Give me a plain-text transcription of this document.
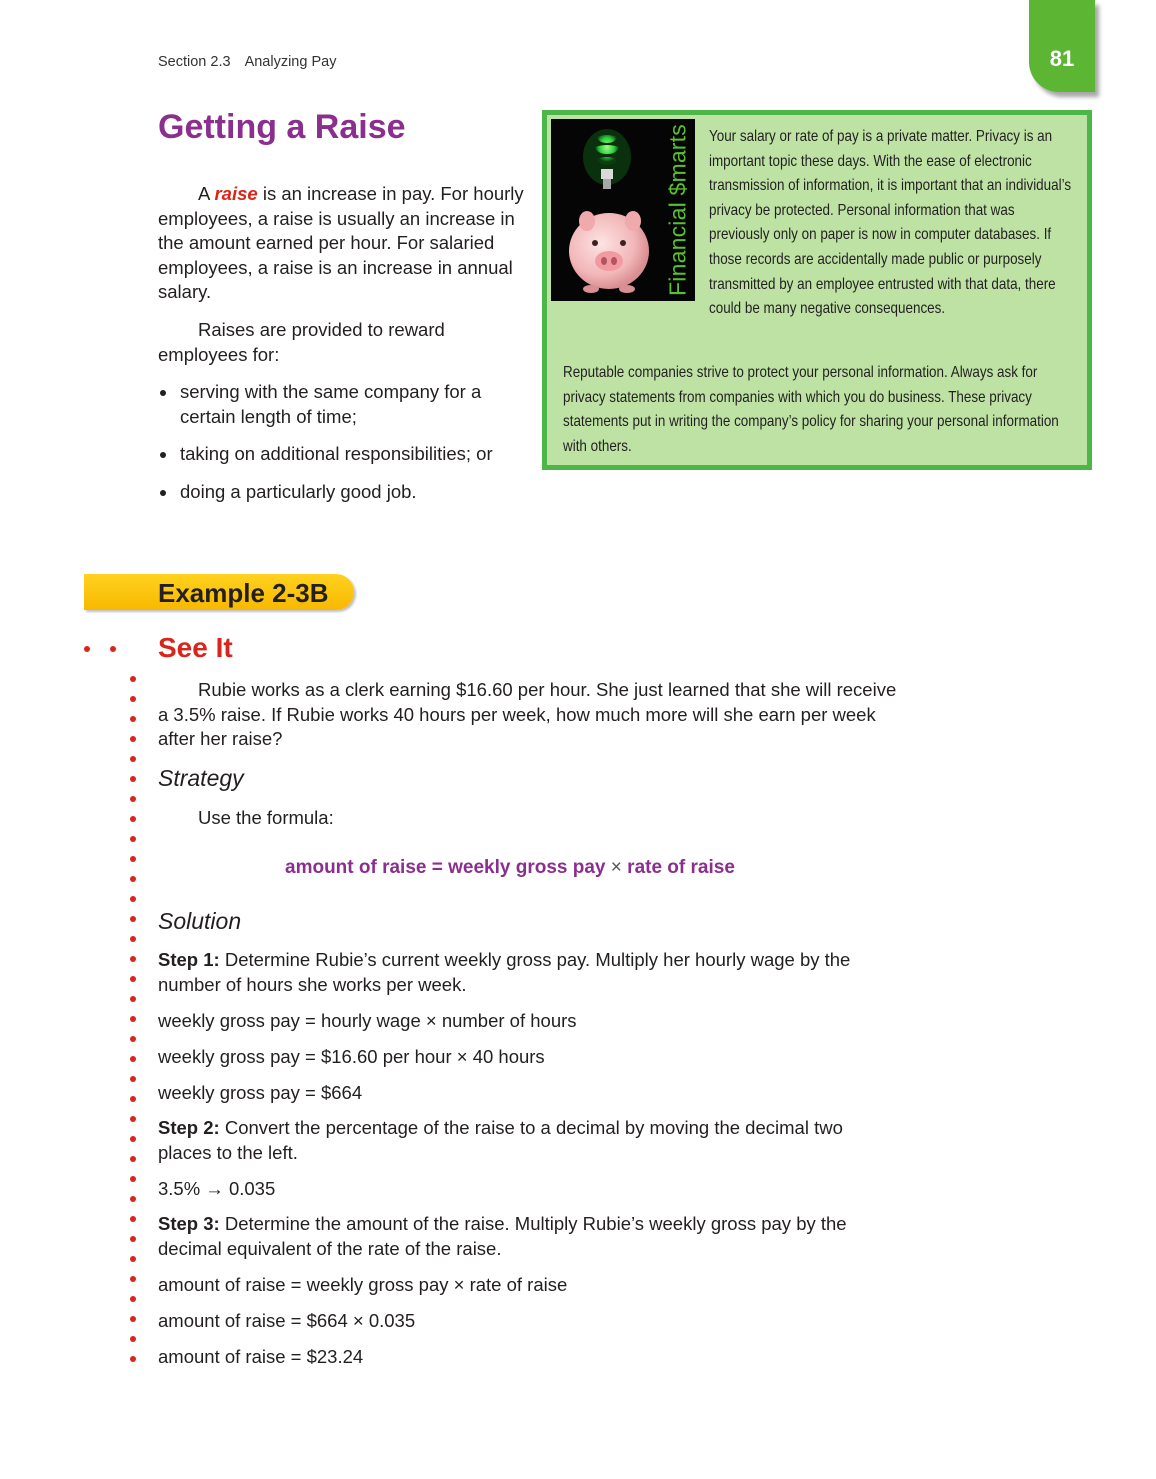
Section 2.3 Analyzing Pay	81
Getting a Raise

A raise is an increase in pay. For hourly employees, a raise is usually an increase in the amount earned per hour. For salaried employees, a raise is an increase in annual salary.

Raises are provided to reward employees for:

serving with the same company for a certain length of time;
taking on additional responsibilities; or
doing a particularly good job.
Financial $marts Your salary or rate of pay is a private matter. Privacy is an important topic these days. With the ease of electronic transmission of information, it is important that an individual’s privacy be protected. Personal information that was previously only on paper is now in computer databases. If those records are accidentally made public or purposely transmitted by an employee entrusted with that data, there could be many negative consequences.
Reputable companies strive to protect your personal information. Always ask for privacy statements from companies with which you do business. These privacy statements put in writing the company’s policy for sharing your personal information with others.
Example 2-3B
See It
Rubie works as a clerk earning $16.60 per hour. She just learned that she will receive a 3.5% raise. If Rubie works 40 hours per week, how much more will she earn per week after her raise?
Strategy
Use the formula:
amount of raise = weekly gross pay × rate of raise
Solution
Step 1: Determine Rubie’s current weekly gross pay. Multiply her hourly wage by the number of hours she works per week.
weekly gross pay = hourly wage × number of hours
weekly gross pay = $16.60 per hour × 40 hours
weekly gross pay = $664
Step 2: Convert the percentage of the raise to a decimal by moving the decimal two places to the left.
3.5% → 0.035
Step 3: Determine the amount of the raise. Multiply Rubie’s weekly gross pay by the decimal equivalent of the rate of the raise.
amount of raise = weekly gross pay × rate of raise
amount of raise = $664 × 0.035
amount of raise = $23.24
